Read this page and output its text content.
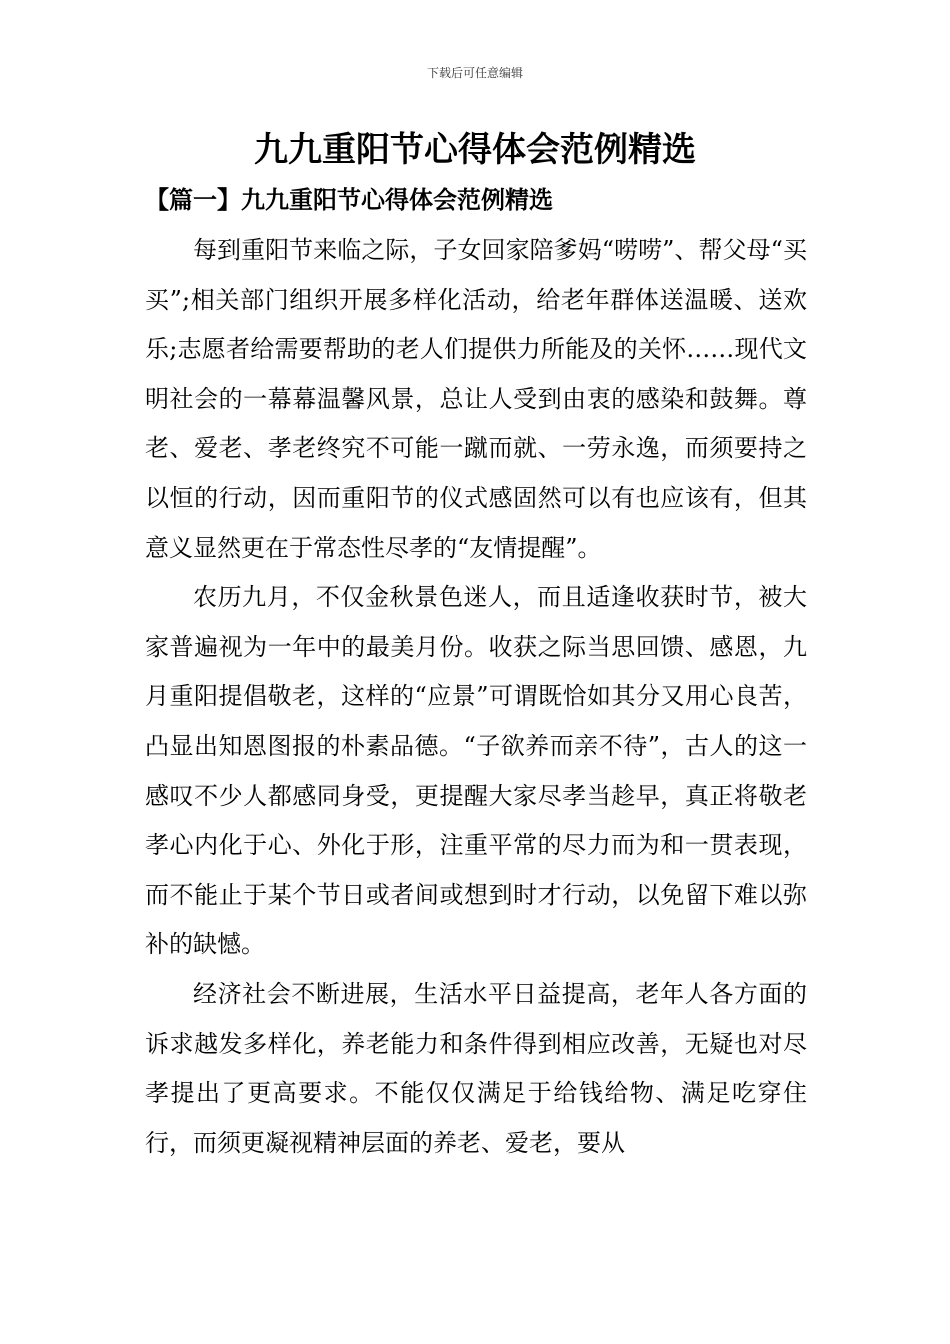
下载后可任意编辑
九九重阳节心得体会范例精选
【篇一】九九重阳节心得体会范例精选

每到重阳节来临之际，子女回家陪爹妈“唠唠”、帮父母“买买”;相关部门组织开展多样化活动，给老年群体送温暖、送欢乐;志愿者给需要帮助的老人们提供力所能及的关怀……现代文明社会的一幕幕温馨风景，总让人受到由衷的感染和鼓舞。尊老、爱老、孝老终究不可能一蹴而就、一劳永逸，而须要持之以恒的行动，因而重阳节的仪式感固然可以有也应该有，但其意义显然更在于常态性尽孝的“友情提醒”。

农历九月，不仅金秋景色迷人，而且适逢收获时节，被大家普遍视为一年中的最美月份。收获之际当思回馈、感恩，九月重阳提倡敬老，这样的“应景”可谓既恰如其分又用心良苦，凸显出知恩图报的朴素品德。“子欲养而亲不待”，古人的这一感叹不少人都感同身受，更提醒大家尽孝当趁早，真正将敬老孝心内化于心、外化于形，注重平常的尽力而为和一贯表现，而不能止于某个节日或者间或想到时才行动，以免留下难以弥补的缺憾。

经济社会不断进展，生活水平日益提高，老年人各方面的诉求越发多样化，养老能力和条件得到相应改善，无疑也对尽孝提出了更高要求。不能仅仅满足于给钱给物、满足吃穿住行，而须更凝视精神层面的养老、爱老，要从
